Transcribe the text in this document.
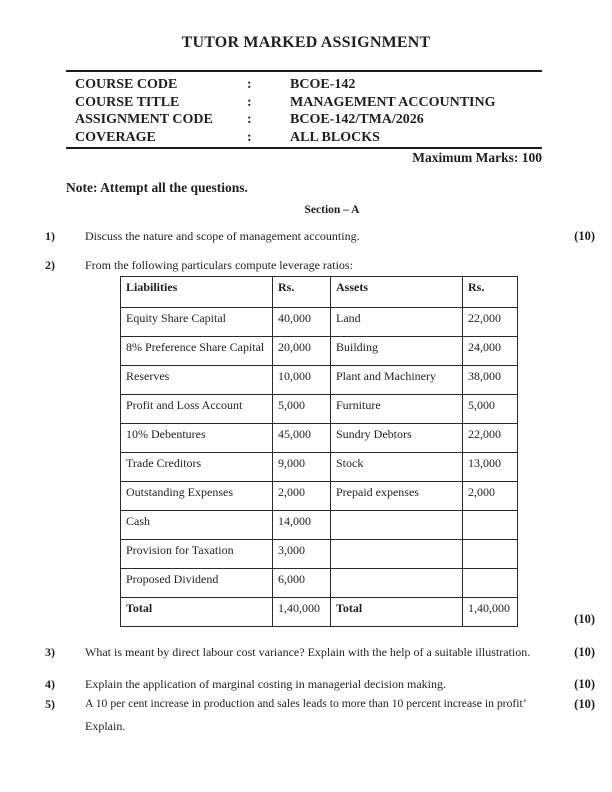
TUTOR MARKED ASSIGNMENT
COURSE CODE	:	BCOE-142
COURSE TITLE	:	MANAGEMENT ACCOUNTING
ASSIGNMENT CODE	:	BCOE-142/TMA/2026
COVERAGE	:	ALL BLOCKS
Maximum Marks: 100
Note: Attempt all the questions.
Section – A
1)	Discuss the nature and scope of management accounting.	(10)
2)	From the following particulars compute leverage ratios:
Liabilities	Rs.	Assets	Rs.
Equity Share Capital	40,000	Land	22,000
8% Preference Share Capital	20,000	Building	24,000
Reserves	10,000	Plant and Machinery	38,000
Profit and Loss Account	5,000	Furniture	5,000
10% Debentures	45,000	Sundry Debtors	22,000
Trade Creditors	9,000	Stock	13,000
Outstanding Expenses	2,000	Prepaid expenses	2,000
Cash	14,000		
Provision for Taxation	3,000		
Proposed Dividend	6,000		
Total	1,40,000	Total	1,40,000
(10)
3)	What is meant by direct labour cost variance? Explain with the help of a suitable illustration.	(10)
4)	Explain the application of marginal costing in managerial decision making.	(10)
5)	A 10 per cent increase in production and sales leads to more than 10 percent increase in profit’
Explain.
(10)
